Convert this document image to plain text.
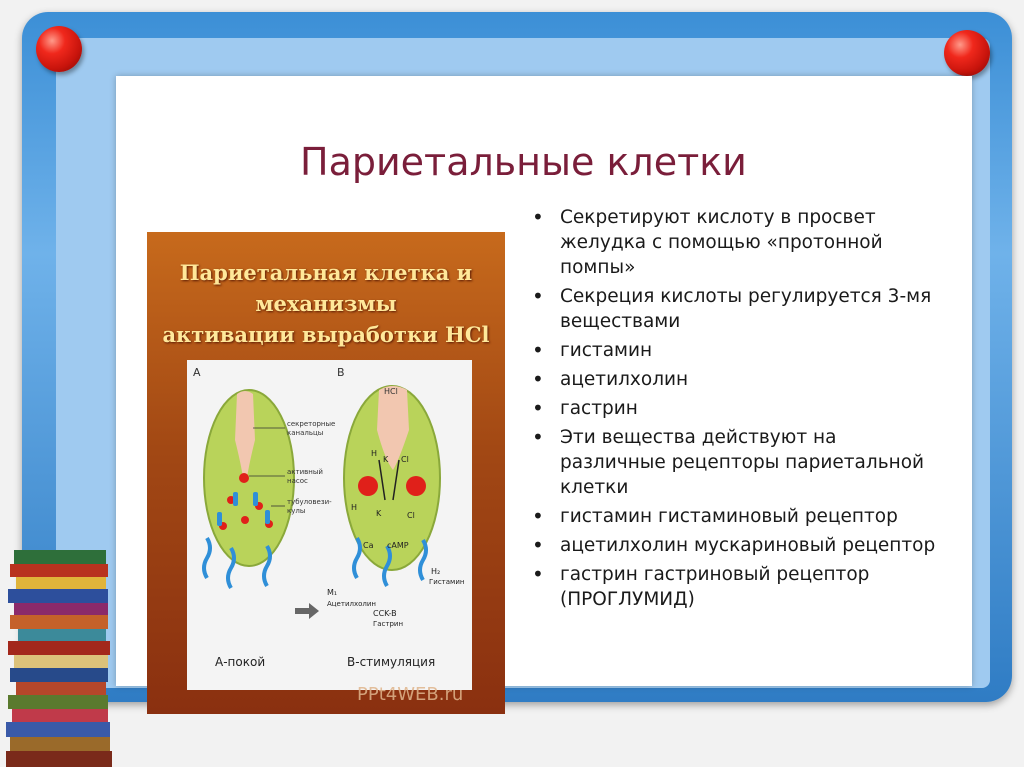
Париетальные клетки
• Секретируют кислоту в просвет желудка с помощью «протонной помпы»
• Секреция кислоты регулируется 3-мя веществами
• гистамин
• ацетилхолин
• гастрин
• Эти вещества действуют на различные рецепторы париетальной клетки
• гистамин гистаминовый рецептор
• ацетилхолин мускариновый рецептор
• гастрин гастриновый рецептор (ПРОГЛУМИД)
Париетальная клетка и механизмы
активации выработки HCl
А	В
HCl
секреторные
канальцы
активный
насос
тубуловези-
кулы
H
K Cl
H
K	Cl
Ca cAMP
H₂
Гистамин
M₁
Ацетилхолин
CCK-B
Гастрин
А-покой	В-стимуляция
PPt4WEB.ru
